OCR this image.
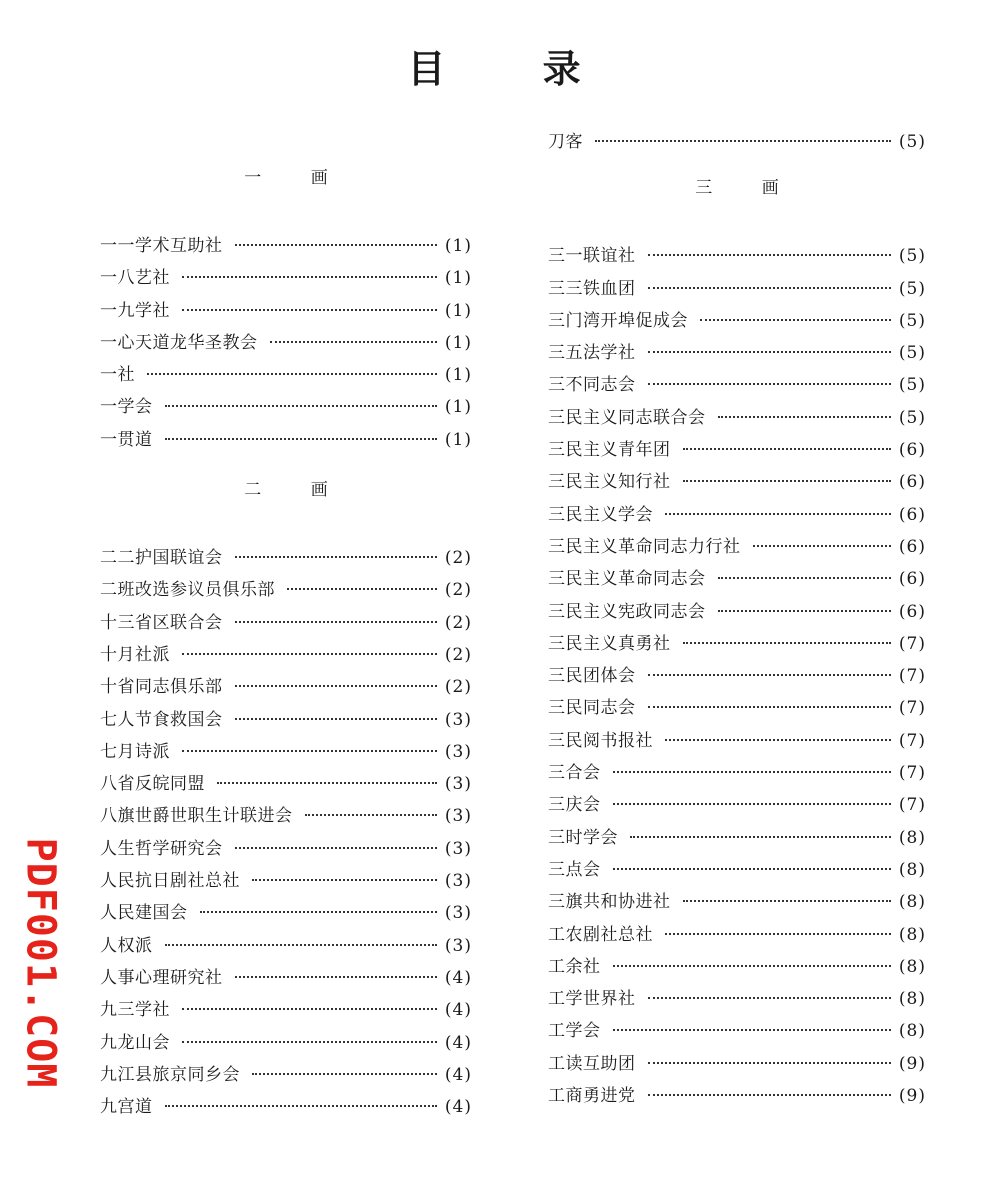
目 录
一 画
一一学术互助社	(1)
一八艺社	(1)
一九学社	(1)
一心天道龙华圣教会	(1)
一社	(1)
一学会	(1)
一贯道	(1)
二 画
二二护国联谊会	(2)
二班改选参议员俱乐部	(2)
十三省区联合会	(2)
十月社派	(2)
十省同志俱乐部	(2)
七人节食救国会	(3)
七月诗派	(3)
八省反皖同盟	(3)
八旗世爵世职生计联进会	(3)
人生哲学研究会	(3)
人民抗日剧社总社	(3)
人民建国会	(3)
人权派	(3)
人事心理研究社	(4)
九三学社	(4)
九龙山会	(4)
九江县旅京同乡会	(4)
九宫道	(4)
刀客	(5)
三 画
三一联谊社	(5)
三三铁血团	(5)
三门湾开埠促成会	(5)
三五法学社	(5)
三不同志会	(5)
三民主义同志联合会	(5)
三民主义青年团	(6)
三民主义知行社	(6)
三民主义学会	(6)
三民主义革命同志力行社	(6)
三民主义革命同志会	(6)
三民主义宪政同志会	(6)
三民主义真勇社	(7)
三民团体会	(7)
三民同志会	(7)
三民阅书报社	(7)
三合会	(7)
三庆会	(7)
三时学会	(8)
三点会	(8)
三旗共和协进社	(8)
工农剧社总社	(8)
工余社	(8)
工学世界社	(8)
工学会	(8)
工读互助团	(9)
工商勇进党	(9)
PDF001.COM
